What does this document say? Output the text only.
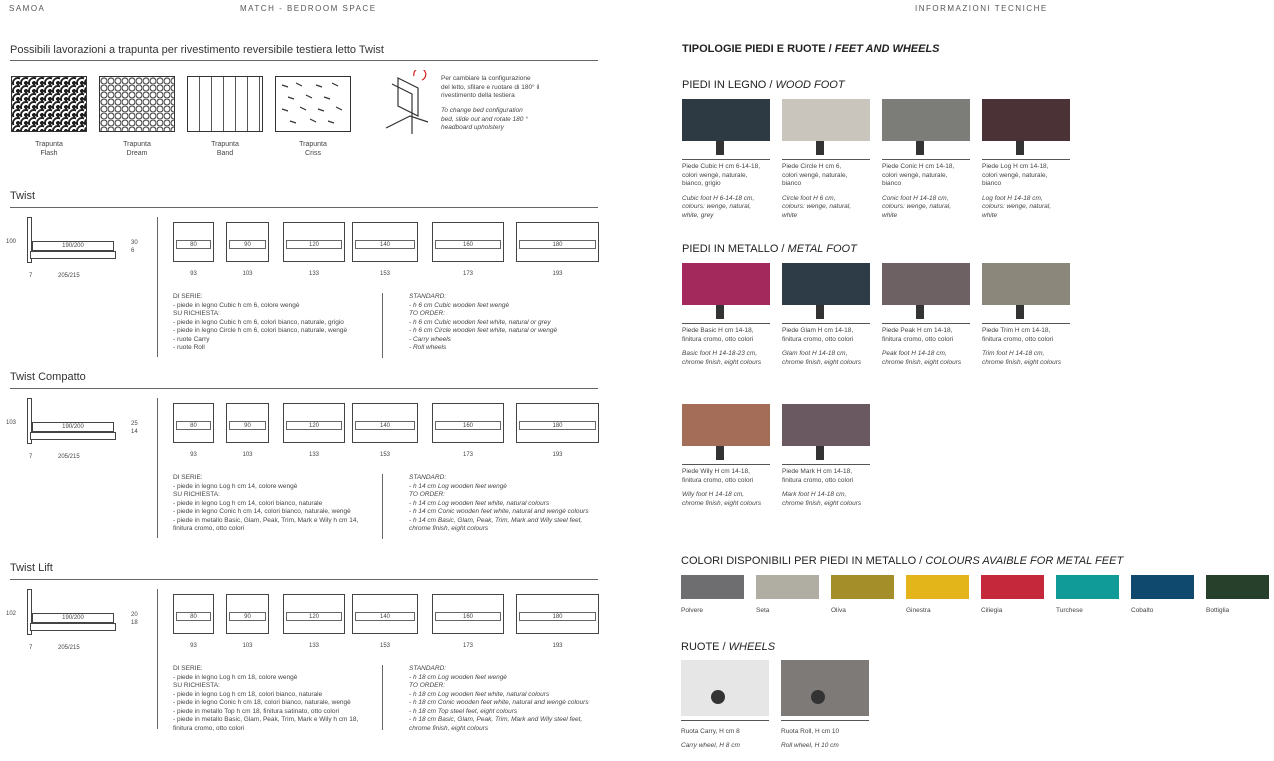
SAMOA	MATCH - BEDROOM SPACE	INFORMAZIONI TECNICHE
Possibili lavorazioni a trapunta per rivestimento reversibile testiera letto Twist
Trapunta
Flash
Trapunta
Dream
Trapunta
Band
Trapunta
Criss
Per cambiare la configurazione
del letto, sfilare e ruotare di 180° il
rivestimento della testiera
To change bed configuration
bed, slide out and rotate 180 °
headboard upholstery
Twist
100
190/200	30
6
7	205/215
80
93
90
103
120
133
140
153
160
173
180
193
DI SERIE:
- piede in legno Cubic h cm 6, colore wengè
SU RICHIESTA:
- piede in legno Cubic h cm 6, colori bianco, naturale, grigio
- piede in legno Circle h cm 6, colori bianco, naturale, wengè
- ruote Carry
- ruote Roll
STANDARD:
- h 6 cm Cubic wooden feet wengè
TO ORDER:
- h 6 cm Cubic wooden feet white, natural or grey
- h 6 cm Circle wooden feet white, natural or wengè
- Carry wheels
- Roll wheels
Twist Compatto
103
190/200	25
14
7	205/215
80
93
90
103
120
133
140
153
160
173
180
193
DI SERIE:
- piede in legno Log h cm 14, colore wengè
SU RICHIESTA:
- piede in legno Log h cm 14, colori bianco, naturale
- piede in legno Conic h cm 14, colori bianco, naturale, wengè
- piede in metallo Basic, Glam, Peak, Trim, Mark e Wily h cm 14,
finitura cromo, otto colori
STANDARD:
- h 14 cm Log wooden feet wengè
TO ORDER:
- h 14 cm Log wooden feet white, natural colours
- h 14 cm Conic wooden feet white, natural and wengè colours
- h 14 cm Basic, Glam, Peak, Trim, Mark and Wily steel feet,
chrome finish, eight colours
Twist Lift
102
190/200	20
18
7	205/215
80
93
90
103
120
133
140
153
160
173
180
193
DI SERIE:
- piede in legno Log h cm 18, colore wengè
SU RICHIESTA:
- piede in legno Log h cm 18, colori bianco, naturale
- piede in legno Conic h cm 18, colori bianco, naturale, wengè
- piede in metallo Top h cm 18, finitura satinato, otto colori
- piede in metallo Basic, Glam, Peak, Trim, Mark e Wily h cm 18,
finitura cromo, otto colori
STANDARD:
- h 18 cm Log wooden feet wengè
TO ORDER:
- h 18 cm Log wooden feet white, natural colours
- h 18 cm Conic wooden feet white, natural and wengè colours
- h 18 cm Top steel feet, eight colours
- h 18 cm Basic, Glam, Peak, Trim, Mark and Wily steel feet,
chrome finish, eight colours
TIPOLOGIE PIEDI E RUOTE / FEET AND WHEELS
PIEDI IN LEGNO / WOOD FOOT
Piede Cubic H cm 6-14-18,
colori wengè, naturale,
bianco, grigio
Cubic foot H 6-14-18 cm,
colours: wenge, natural,
white, grey
Piede Circle H cm 6,
colori wengè, naturale,
bianco
Circle foot H 6 cm,
colours: wenge, natural,
white
Piede Conic H cm 14-18,
colori wengè, naturale,
bianco
Conic foot H 14-18 cm,
colours: wenge, natural,
white
Piede Log H cm 14-18,
colori wengè, naturale,
bianco
Log foot H 14-18 cm,
colours: wenge, natural,
white
PIEDI IN METALLO / METAL FOOT
Piede Basic H cm 14-18,
finitura cromo, otto colori
Basic foot H 14-18-23 cm,
chrome finish, eight colours
Piede Glam H cm 14-18,
finitura cromo, otto colori
Glam foot H 14-18 cm,
chrome finish, eight colours
Piede Peak H cm 14-18,
finitura cromo, otto colori
Peak foot H 14-18 cm,
chrome finish, eight colours
Piede Trim H cm 14-18,
finitura cromo, otto colori
Trim foot H 14-18 cm,
chrome finish, eight colours
Piede Wily H cm 14-18,
finitura cromo, otto colori
Wily foot H 14-18 cm,
chrome finish, eight colours
Piede Mark H cm 14-18,
finitura cromo, otto colori
Mark foot H 14-18 cm,
chrome finish, eight colours
COLORI DISPONIBILI PER PIEDI IN METALLO / COLOURS AVAIBLE FOR METAL FEET
Polvere	Seta	Oliva	Ginestra	Ciliegia	Turchese	Cobalto	Bottiglia
RUOTE / WHEELS
Ruota Carry, H cm 8
Carry wheel, H 8 cm
Ruota Roll, H cm 10
Roll wheel, H 10 cm
